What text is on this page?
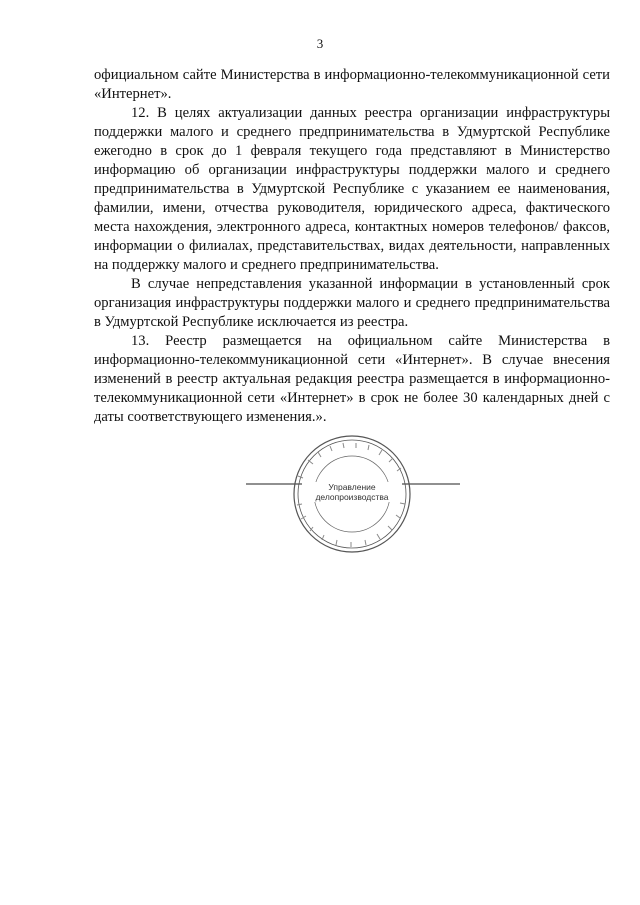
3

официальном сайте Министерства в информационно-телекоммуникационной сети «Интернет».

12. В целях актуализации данных реестра организации инфраструктуры поддержки малого и среднего предпринимательства в Удмуртской Республике ежегодно в срок до 1 февраля текущего года представляют в Министерство информацию об организации инфраструктуры поддержки малого и среднего предпринимательства в Удмуртской Республике с указанием ее наименования, фамилии, имени, отчества руководителя, юридического адреса, фактического места нахождения, электронного адреса, контактных номеров телефонов/ факсов, информации о филиалах, представительствах, видах деятельности, направленных на поддержку малого и среднего предпринимательства.

В случае непредставления указанной информации в установленный срок организация инфраструктуры поддержки малого и среднего предпринимательства в Удмуртской Республике исключается из реестра.

13. Реестр размещается на официальном сайте Министерства в информационно-телекоммуникационной сети «Интернет». В случае внесения изменений в реестр актуальная редакция реестра размещается в информационно-телекоммуникационной сети «Интернет» в срок не более 30 календарных дней с даты соответствующего изменения.».

Управление
делопроизводства
